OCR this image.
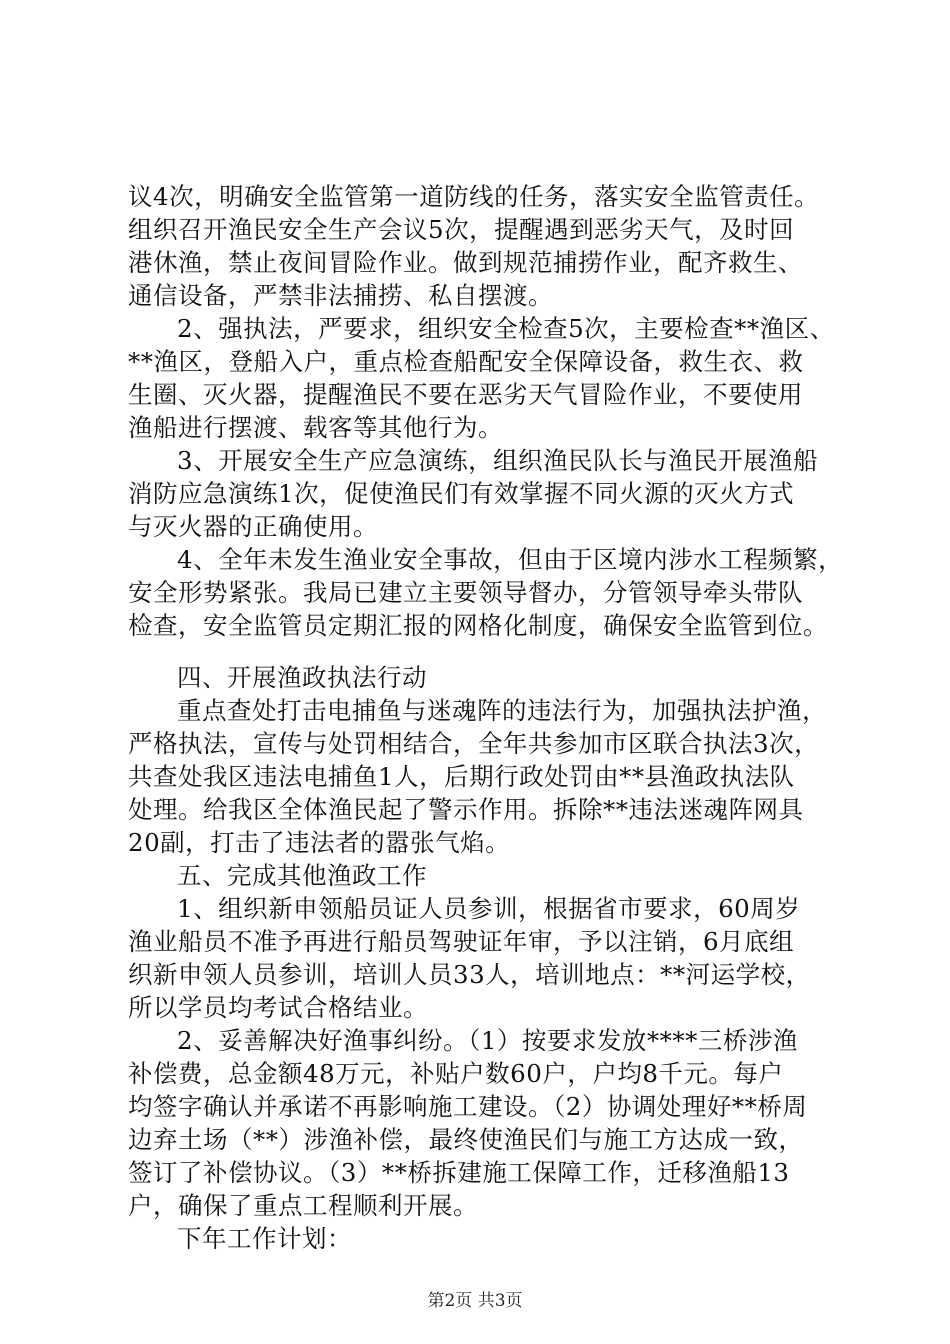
议4次，明确安全监管第一道防线的任务，落实安全监管责任。
组织召开渔民安全生产会议5次，提醒遇到恶劣天气，及时回
港休渔，禁止夜间冒险作业。做到规范捕捞作业，配齐救生、
通信设备，严禁非法捕捞、私自摆渡。
2、强执法，严要求，组织安全检查5次，主要检查**渔区、
**渔区，登船入户，重点检查船配安全保障设备，救生衣、救
生圈、灭火器，提醒渔民不要在恶劣天气冒险作业，不要使用
渔船进行摆渡、载客等其他行为。
3、开展安全生产应急演练，组织渔民队长与渔民开展渔船
消防应急演练1次，促使渔民们有效掌握不同火源的灭火方式
与灭火器的正确使用。
4、全年未发生渔业安全事故，但由于区境内涉水工程频繁，
安全形势紧张。我局已建立主要领导督办，分管领导牵头带队
检查，安全监管员定期汇报的网格化制度，确保安全监管到位。
四、开展渔政执法行动
重点查处打击电捕鱼与迷魂阵的违法行为，加强执法护渔，
严格执法，宣传与处罚相结合，全年共参加市区联合执法3次，
共查处我区违法电捕鱼1人，后期行政处罚由**县渔政执法队
处理。给我区全体渔民起了警示作用。拆除**违法迷魂阵网具
20副，打击了违法者的嚣张气焰。
五、完成其他渔政工作
1、组织新申领船员证人员参训，根据省市要求，60周岁
渔业船员不准予再进行船员驾驶证年审，予以注销，6月底组
织新申领人员参训，培训人员33人，培训地点：**河运学校，
所以学员均考试合格结业。
2、妥善解决好渔事纠纷。（1）按要求发放****三桥涉渔
补偿费，总金额48万元，补贴户数60户，户均8千元。每户
均签字确认并承诺不再影响施工建设。（2）协调处理好**桥周
边弃土场（**）涉渔补偿，最终使渔民们与施工方达成一致，
签订了补偿协议。（3）**桥拆建施工保障工作，迁移渔船13
户，确保了重点工程顺利开展。
下年工作计划：
第2页 共3页
